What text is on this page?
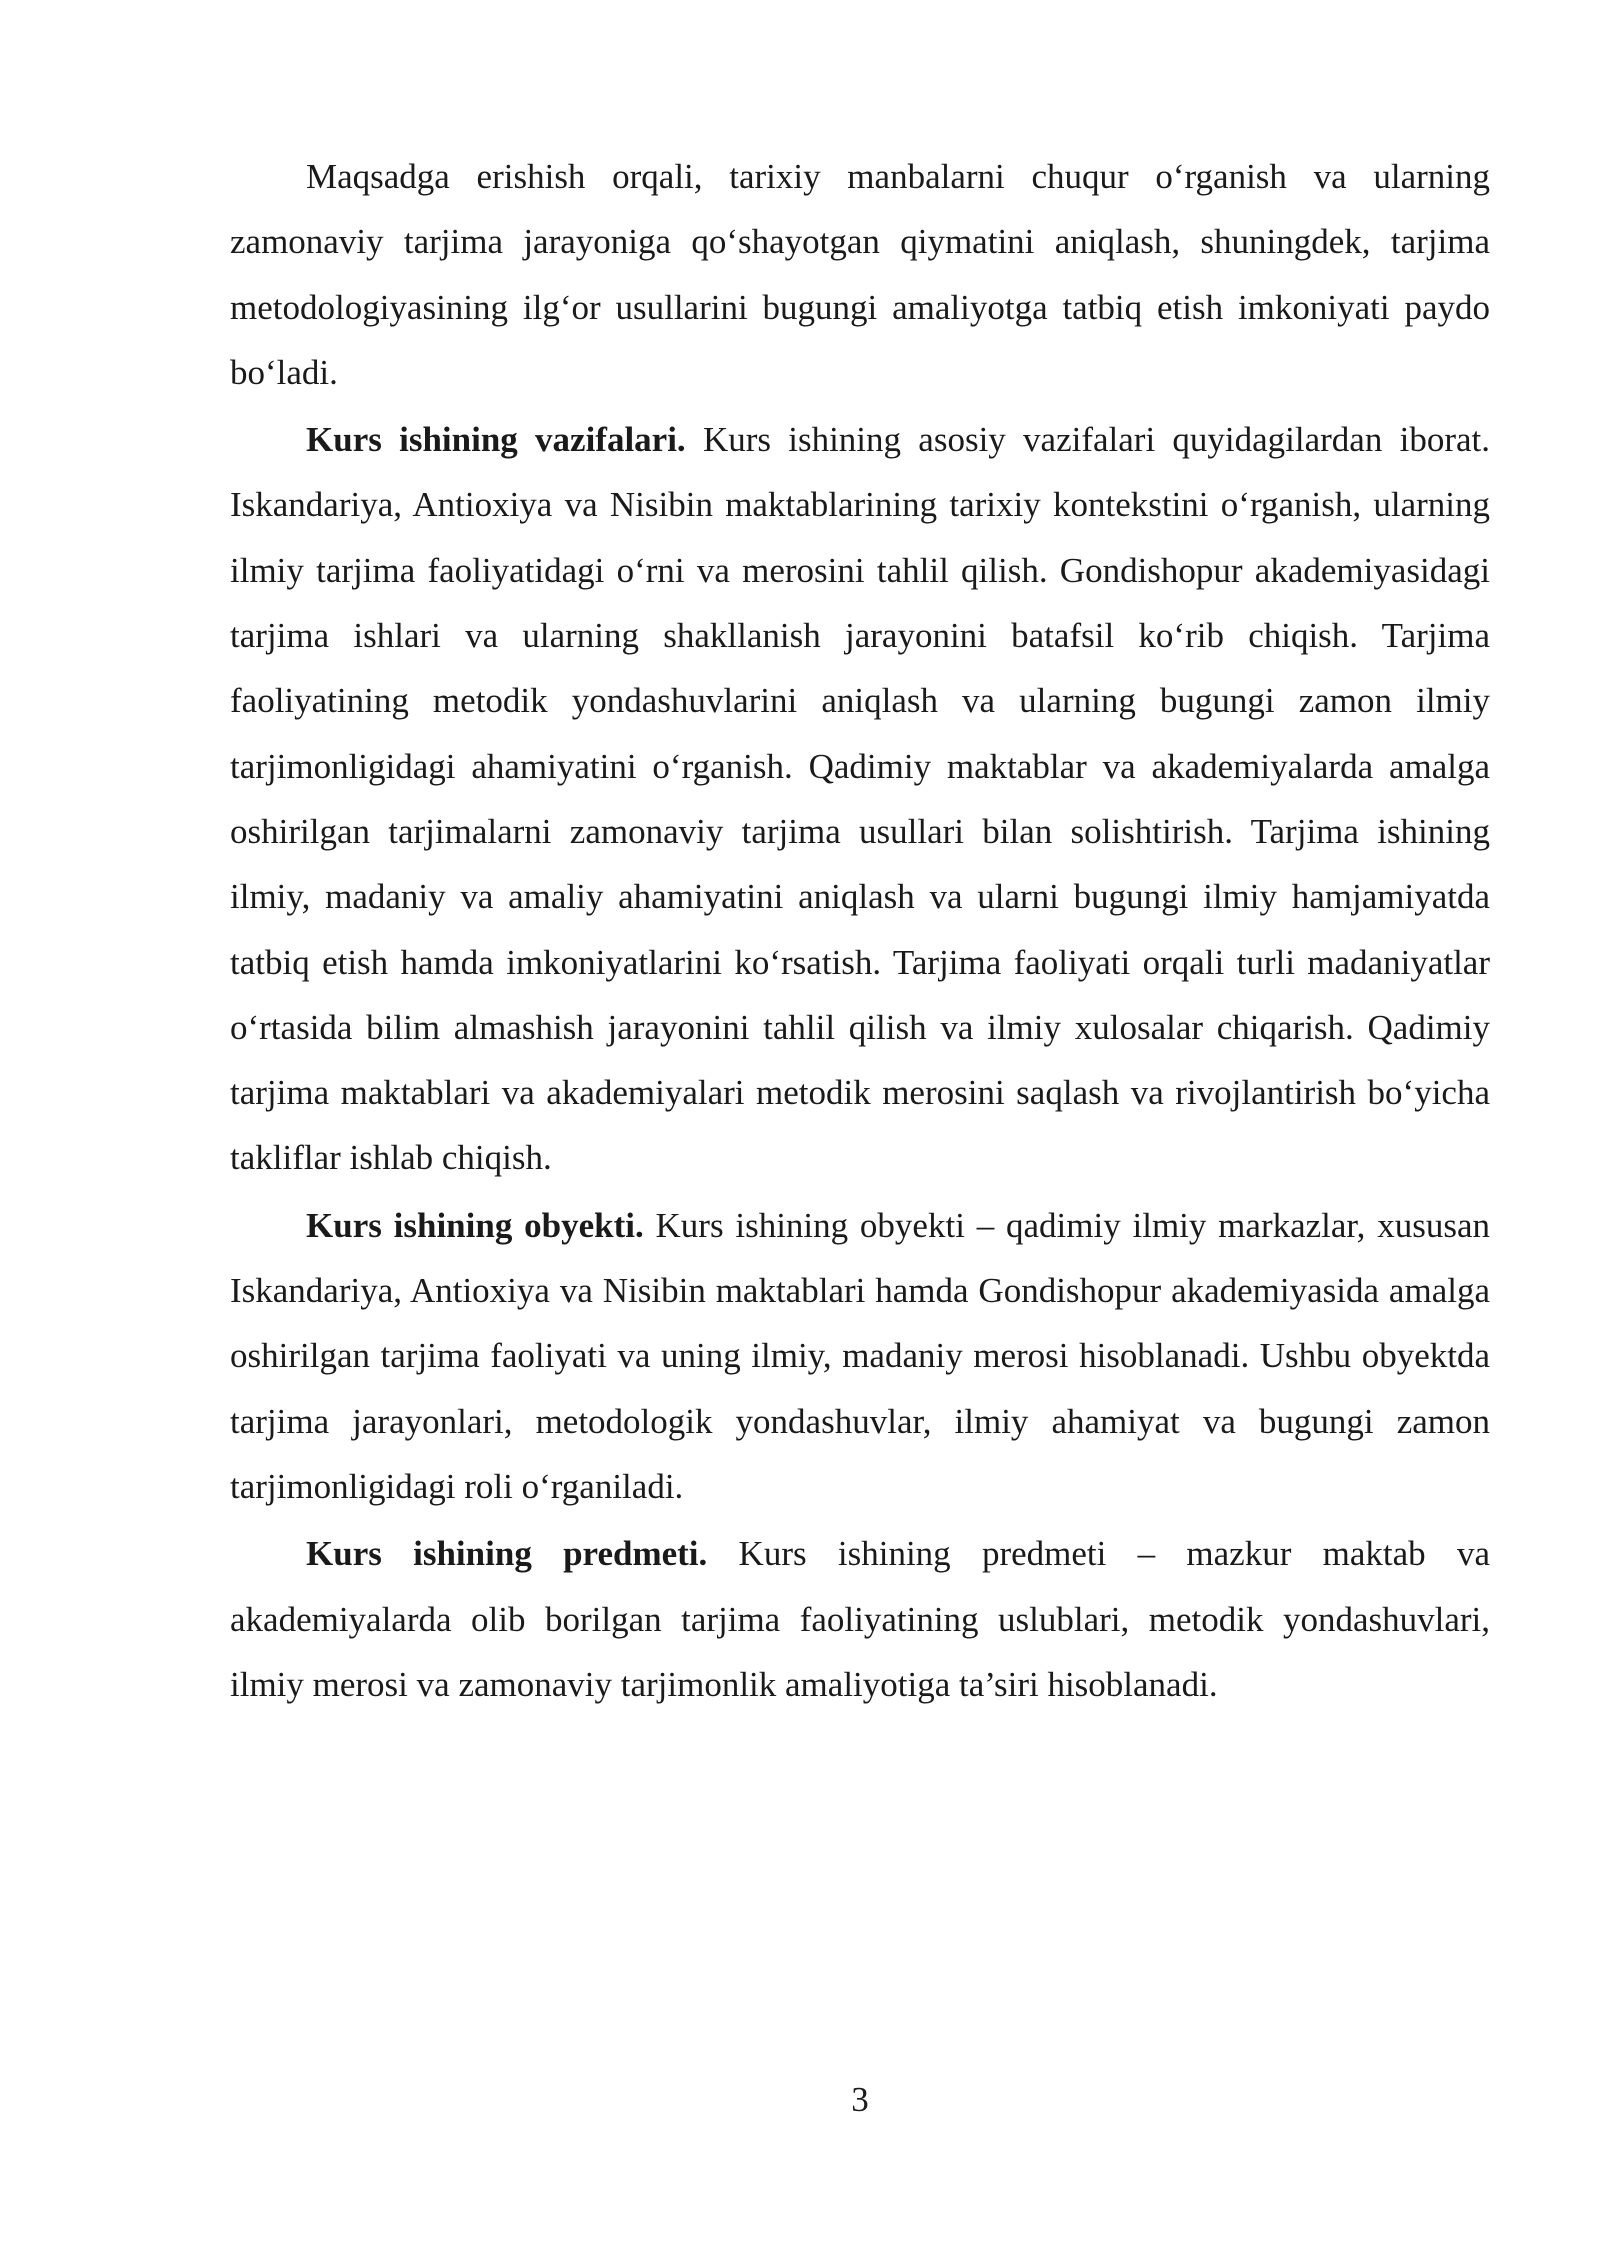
Maqsadga erishish orqali, tarixiy manbalarni chuqur o‘rganish va ularning zamonaviy tarjima jarayoniga qo‘shayotgan qiymatini aniqlash, shuningdek, tarjima metodologiyasining ilg‘or usullarini bugungi amaliyotga tatbiq etish imkoniyati paydo bo‘ladi.

Kurs ishining vazifalari. Kurs ishining asosiy vazifalari quyidagilardan iborat. Iskandariya, Antioxiya va Nisibin maktablarining tarixiy kontekstini o‘rganish, ularning ilmiy tarjima faoliyatidagi o‘rni va merosini tahlil qilish. Gondishopur akademiyasidagi tarjima ishlari va ularning shakllanish jarayonini batafsil ko‘rib chiqish. Tarjima faoliyatining metodik yondashuvlarini aniqlash va ularning bugungi zamon ilmiy tarjimonligidagi ahamiyatini o‘rganish. Qadimiy maktablar va akademiyalarda amalga oshirilgan tarjimalarni zamonaviy tarjima usullari bilan solishtirish. Tarjima ishining ilmiy, madaniy va amaliy ahamiyatini aniqlash va ularni bugungi ilmiy hamjamiyatda tatbiq etish hamda imkoniyatlarini ko‘rsatish. Tarjima faoliyati orqali turli madaniyatlar o‘rtasida bilim almashish jarayonini tahlil qilish va ilmiy xulosalar chiqarish. Qadimiy tarjima maktablari va akademiyalari metodik merosini saqlash va rivojlantirish bo‘yicha takliflar ishlab chiqish.

Kurs ishining obyekti. Kurs ishining obyekti – qadimiy ilmiy markazlar, xususan Iskandariya, Antioxiya va Nisibin maktablari hamda Gondishopur akademiyasida amalga oshirilgan tarjima faoliyati va uning ilmiy, madaniy merosi hisoblanadi. Ushbu obyektda tarjima jarayonlari, metodologik yondashuvlar, ilmiy ahamiyat va bugungi zamon tarjimonligidagi roli o‘rganiladi.

Kurs ishining predmeti. Kurs ishining predmeti – mazkur maktab va akademiyalarda olib borilgan tarjima faoliyatining uslublari, metodik yondashuvlari, ilmiy merosi va zamonaviy tarjimonlik amaliyotiga ta’siri hisoblanadi.

3
